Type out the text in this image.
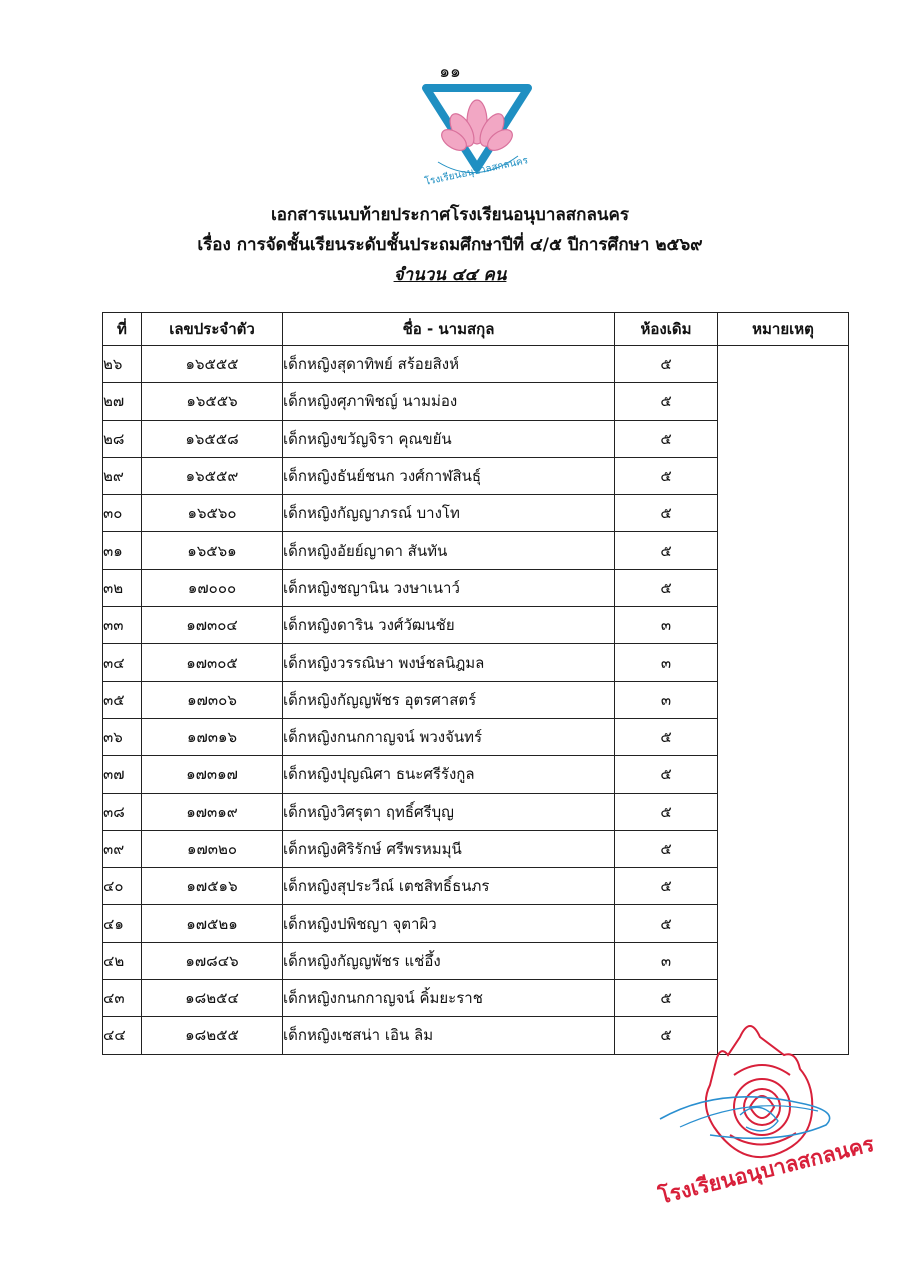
๑๑
โรงเรียนอนุบาลสกลนคร
เอกสารแนบท้ายประกาศโรงเรียนอนุบาลสกลนคร
เรื่อง การจัดชั้นเรียนระดับชั้นประถมศึกษาปีที่ ๔/๕ ปีการศึกษา ๒๕๖๙
จำนวน ๔๔ คน
ที่	เลขประจำตัว	ชื่อ - นามสกุล	ห้องเดิม	หมายเหตุ
๒๖	๑๖๕๕๕	เด็กหญิงสุดาทิพย์ สร้อยสิงห์	๕	
๒๗	๑๖๕๕๖	เด็กหญิงศุภาพิชญ์ นามม่อง	๕	
๒๘	๑๖๕๕๘	เด็กหญิงขวัญจิรา คุณขยัน	๕	
๒๙	๑๖๕๕๙	เด็กหญิงธันย์ชนก วงศ์กาฬสินธุ์	๕	
๓๐	๑๖๕๖๐	เด็กหญิงกัญญาภรณ์ บางโท	๕	
๓๑	๑๖๕๖๑	เด็กหญิงอัยย์ญาดา สันทัน	๕	
๓๒	๑๗๐๐๐	เด็กหญิงชญานิน วงษาเนาว์	๕	
๓๓	๑๗๓๐๔	เด็กหญิงดาริน วงศ์วัฒนชัย	๓	
๓๔	๑๗๓๐๕	เด็กหญิงวรรณิษา พงษ์ชลนิฎมล	๓	
๓๕	๑๗๓๐๖	เด็กหญิงกัญญพัชร อุตรศาสตร์	๓	
๓๖	๑๗๓๑๖	เด็กหญิงกนกกาญจน์ พวงจันทร์	๕	
๓๗	๑๗๓๑๗	เด็กหญิงปุญณิศา ธนะศรีรังกูล	๕	
๓๘	๑๗๓๑๙	เด็กหญิงวิศรุตา ฤทธิ์ศรีบุญ	๕	
๓๙	๑๗๓๒๐	เด็กหญิงศิริรักษ์ ศรีพรหมมุนี	๕	
๔๐	๑๗๕๑๖	เด็กหญิงสุประวีณ์ เตชสิทธิ์ธนภร	๕	
๔๑	๑๗๕๒๑	เด็กหญิงปพิชญา จุตาผิว	๕	
๔๒	๑๗๘๔๖	เด็กหญิงกัญญพัชร แช่อึ้ง	๓	
๔๓	๑๘๒๕๔	เด็กหญิงกนกกาญจน์ คิ้มยะราช	๕	
๔๔	๑๘๒๕๕	เด็กหญิงเซสน่า เอิน ลิม	๕	
โรงเรียนอนุบาลสกลนคร
